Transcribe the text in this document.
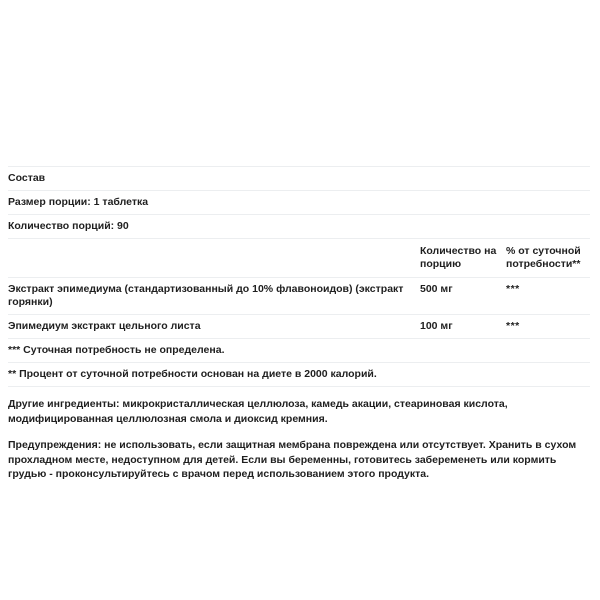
Состав		
Размер порции: 1 таблетка		
Количество порций: 90		
	Количество на порцию	% от суточной потребности**
Экстракт эпимедиума (стандартизованный до 10% флавоноидов) (экстракт горянки)	500 мг	***
Эпимедиум экстракт цельного листа	100 мг	***
*** Суточная потребность не определена.		
** Процент от суточной потребности основан на диете в 2000 калорий.		

Другие ингредиенты: микрокристаллическая целлюлоза, камедь акации, стеариновая кислота, модифицированная целлюлозная смола и диоксид кремния.

Предупреждения: не использовать, если защитная мембрана повреждена или отсутствует. Хранить в сухом прохладном месте, недоступном для детей. Если вы беременны, готовитесь забеременеть или кормить грудью - проконсультируйтесь с врачом перед использованием этого продукта.
